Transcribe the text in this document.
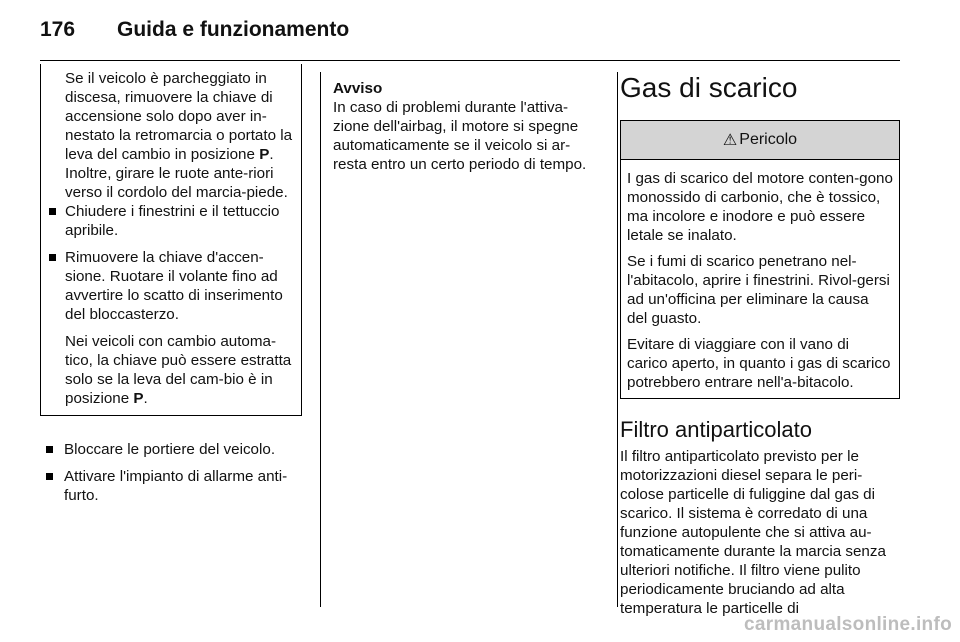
176 Guida e funzionamento
Se il veicolo è parcheggiato in discesa, rimuovere la chiave di accensione solo dopo aver in-nestato la retromarcia o portato la leva del cambio in posizione P. Inoltre, girare le ruote ante-riori verso il cordolo del marcia-piede.
Chiudere i finestrini e il tettuccio apribile.
Rimuovere la chiave d'accen-sione. Ruotare il volante fino ad avvertire lo scatto di inserimento del bloccasterzo.
Nei veicoli con cambio automa-tico, la chiave può essere estratta solo se la leva del cam-bio è in posizione P.
Bloccare le portiere del veicolo.
Attivare l'impianto di allarme anti-furto.
Avviso
In caso di problemi durante l'attiva-zione dell'airbag, il motore si spegne automaticamente se il veicolo si ar-resta entro un certo periodo di tempo.
Gas di scarico
⚠ Pericolo
I gas di scarico del motore conten-gono monossido di carbonio, che è tossico, ma incolore e inodore e può essere letale se inalato.
Se i fumi di scarico penetrano nel-l'abitacolo, aprire i finestrini. Rivol-gersi ad un'officina per eliminare la causa del guasto.
Evitare di viaggiare con il vano di carico aperto, in quanto i gas di scarico potrebbero entrare nell'a-bitacolo.
Filtro antiparticolato
Il filtro antiparticolato previsto per le motorizzazioni diesel separa le peri-colose particelle di fuliggine dal gas di scarico. Il sistema è corredato di una funzione autopulente che si attiva au-tomaticamente durante la marcia senza ulteriori notifiche. Il filtro viene pulito periodicamente bruciando ad alta temperatura le particelle di
carmanualsonline.info
